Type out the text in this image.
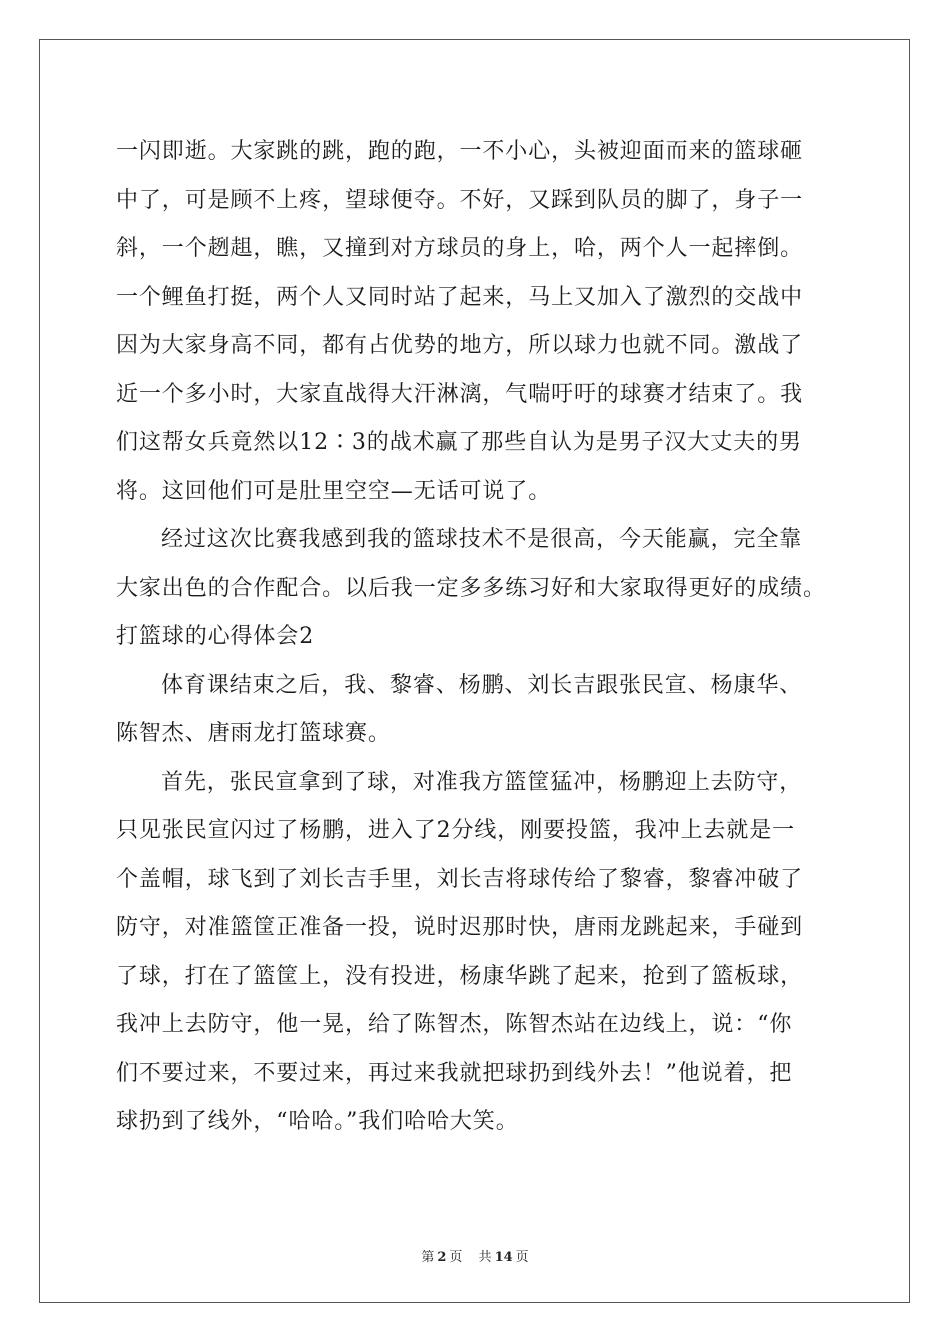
一闪即逝。大家跳的跳，跑的跑，一不小心，头被迎面而来的篮球砸
中了，可是顾不上疼，望球便夺。不好，又踩到队员的脚了，身子一
斜，一个趔趄，瞧，又撞到对方球员的身上，哈，两个人一起摔倒。
一个鲤鱼打挺，两个人又同时站了起来，马上又加入了激烈的交战中
因为大家身高不同，都有占优势的地方，所以球力也就不同。激战了
近一个多小时，大家直战得大汗淋漓，气喘吁吁的球赛才结束了。我
们这帮女兵竟然以12∶3的战术赢了那些自认为是男子汉大丈夫的男
将。这回他们可是肚里空空—无话可说了。
经过这次比赛我感到我的篮球技术不是很高，今天能赢，完全靠
大家出色的合作配合。以后我一定多多练习好和大家取得更好的成绩。
打篮球的心得体会2
体育课结束之后，我、黎睿、杨鹏、刘长吉跟张民宣、杨康华、
陈智杰、唐雨龙打篮球赛。
首先，张民宣拿到了球，对准我方篮筐猛冲，杨鹏迎上去防守，
只见张民宣闪过了杨鹏，进入了2分线，刚要投篮，我冲上去就是一
个盖帽，球飞到了刘长吉手里，刘长吉将球传给了黎睿，黎睿冲破了
防守，对准篮筐正准备一投，说时迟那时快，唐雨龙跳起来，手碰到
了球，打在了篮筐上，没有投进，杨康华跳了起来，抢到了篮板球，
我冲上去防守，他一晃，给了陈智杰，陈智杰站在边线上，说：“你
们不要过来，不要过来，再过来我就把球扔到线外去！”他说着，把
球扔到了线外，“哈哈。”我们哈哈大笑。
第 2 页 共 14 页
